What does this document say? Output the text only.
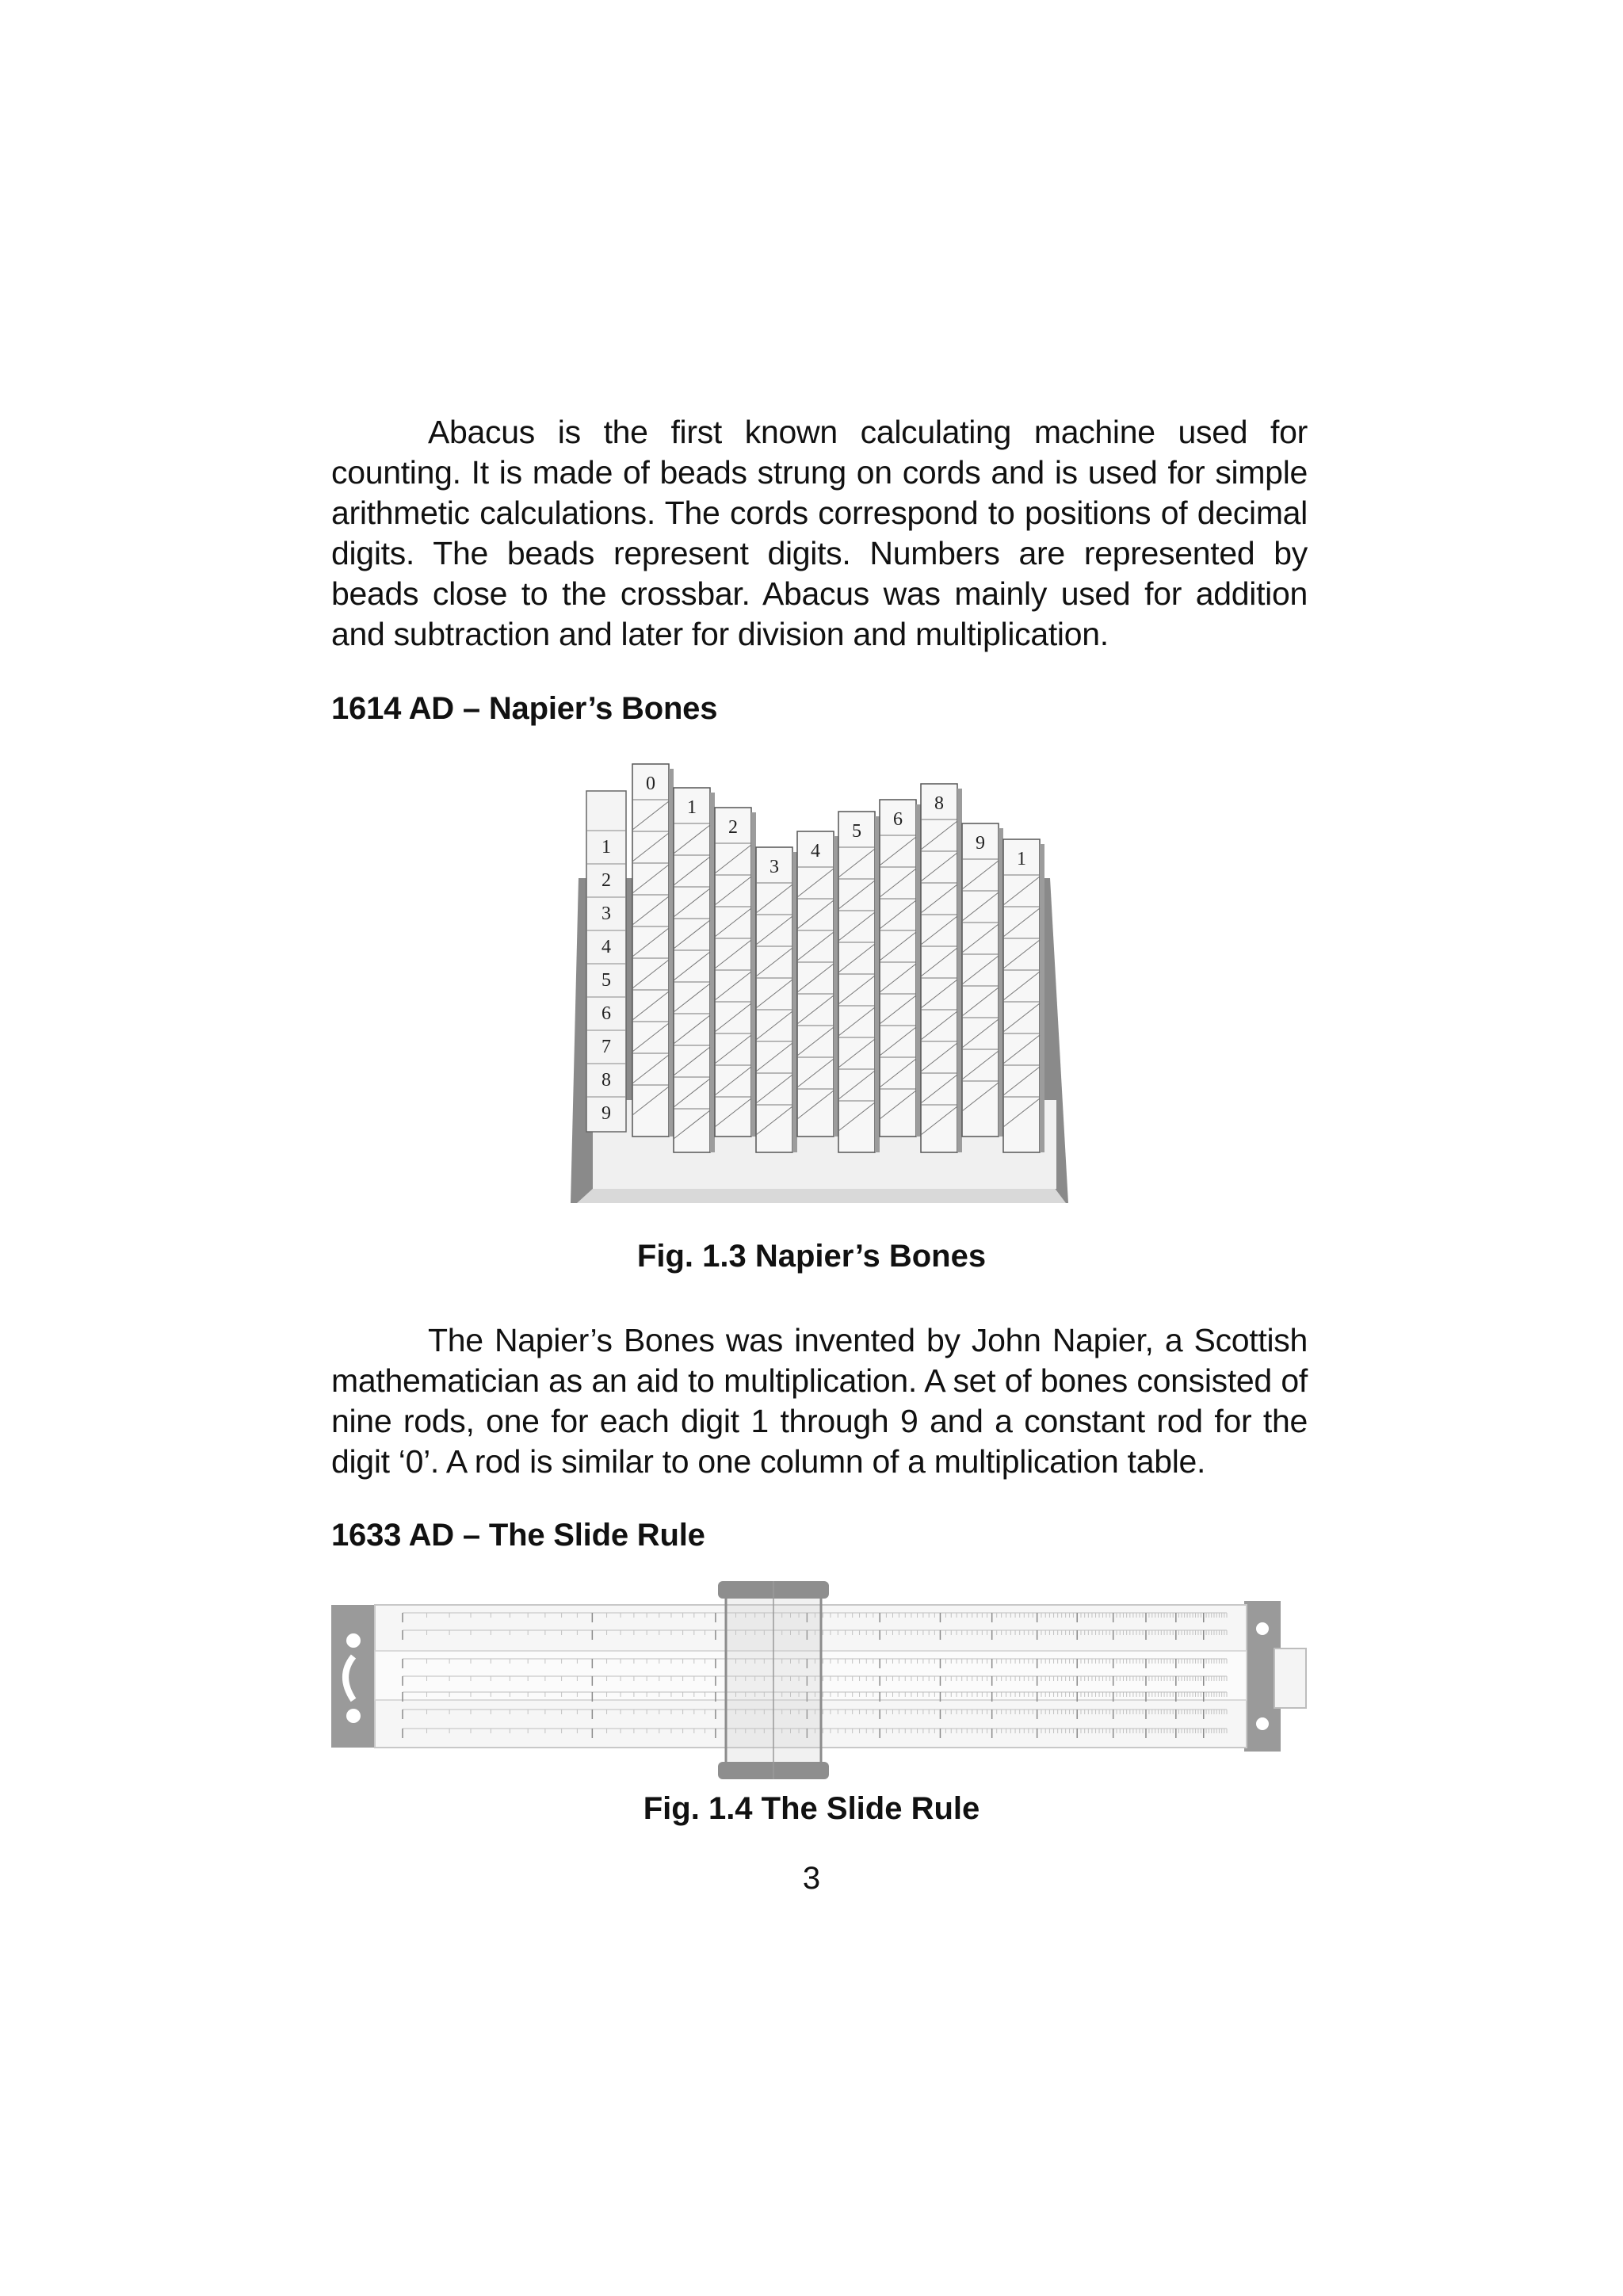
Abacus is the first known calculating machine used for counting. It is made of beads strung on cords and is used for simple arithmetic calculations. The cords correspond to positions of decimal digits. The beads represent digits. Numbers are represented by beads close to the crossbar. Abacus was mainly used for addition and subtraction and later for division and multiplication.

1614 AD – Napier’s Bones
1
2
3
4
5
6
7
8
9
0
1
2
3
4
5
6
8
9
1

Fig. 1.3 Napier’s Bones

The Napier’s Bones was invented by John Napier, a Scottish mathematician as an aid to multiplication. A set of bones consisted of nine rods, one for each digit 1 through 9 and a constant rod for the digit ‘0’. A rod is similar to one column of a multiplication table.

1633 AD – The Slide Rule

Fig. 1.4 The Slide Rule

3
